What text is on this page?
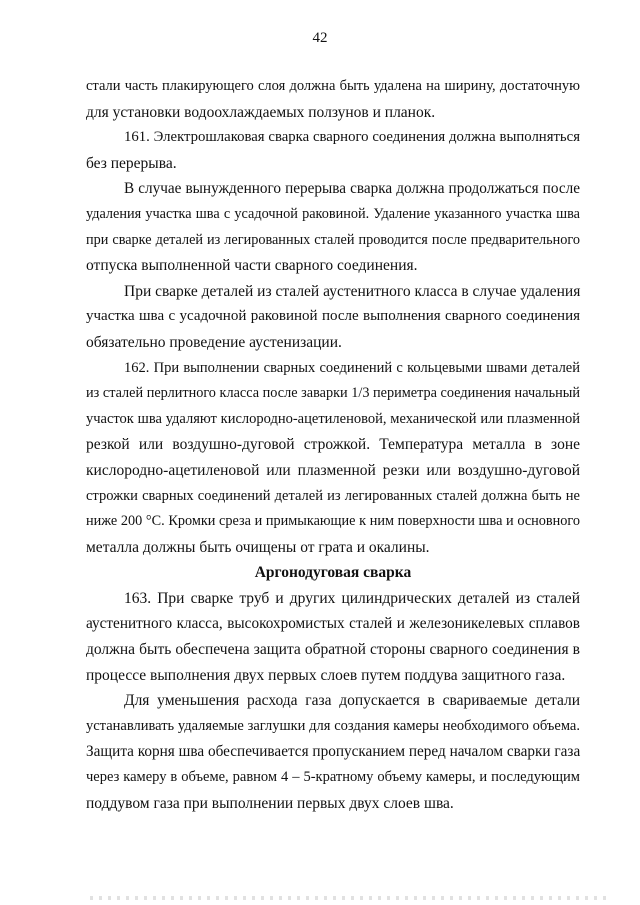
42
стали часть плакирующего слоя должна быть удалена на ширину, достаточную
для установки водоохлаждаемых ползунов и планок.
161. Электрошлаковая сварка сварного соединения должна выполняться
без перерыва.
В случае вынужденного перерыва сварка должна продолжаться после
удаления участка шва с усадочной раковиной. Удаление указанного участка шва
при сварке деталей из легированных сталей проводится после предварительного
отпуска выполненной части сварного соединения.
При сварке деталей из сталей аустенитного класса в случае удаления
участка шва с усадочной раковиной после выполнения сварного соединения
обязательно проведение аустенизации.
162. При выполнении сварных соединений с кольцевыми швами деталей
из сталей перлитного класса после заварки 1/3 периметра соединения начальный
участок шва удаляют кислородно-ацетиленовой, механической или плазменной
резкой или воздушно-дуговой строжкой. Температура металла в зоне
кислородно-ацетиленовой или плазменной резки или воздушно-дуговой
строжки сварных соединений деталей из легированных сталей должна быть не
ниже 200 °С. Кромки среза и примыкающие к ним поверхности шва и основного
металла должны быть очищены от грата и окалины.
Аргонодуговая сварка
163. При сварке труб и других цилиндрических деталей из сталей
аустенитного класса, высокохромистых сталей и железоникелевых сплавов
должна быть обеспечена защита обратной стороны сварного соединения в
процессе выполнения двух первых слоев путем поддува защитного газа.
Для уменьшения расхода газа допускается в свариваемые детали
устанавливать удаляемые заглушки для создания камеры необходимого объема.
Защита корня шва обеспечивается пропусканием перед началом сварки газа
через камеру в объеме, равном 4 – 5-кратному объему камеры, и последующим
поддувом газа при выполнении первых двух слоев шва.
